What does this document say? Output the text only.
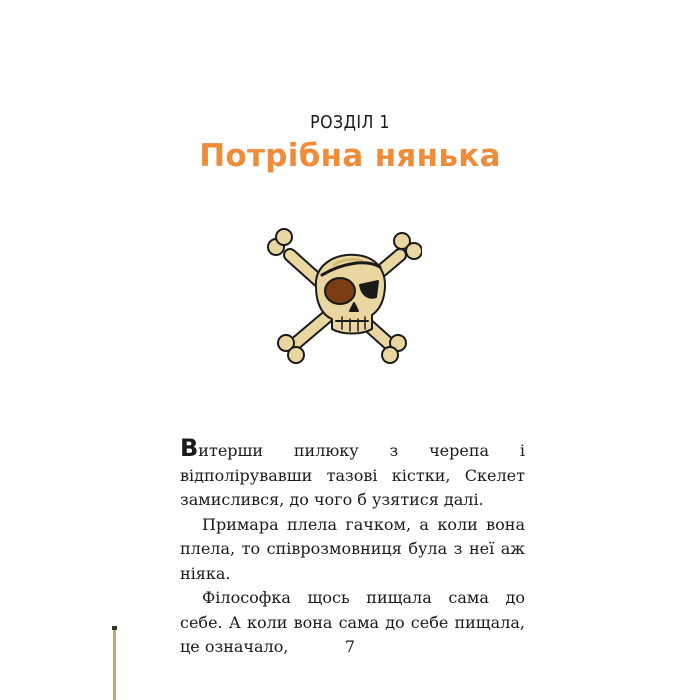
РОЗДІЛ 1
Потрібна нянька

Витерши пилюку з черепа і відполірувавши тазові кістки, Скелет замислився, до чого б узятися далі.

Примара плела гачком, а коли вона плела, то співрозмовниця була з неї аж ніяка.

Філософка щось пищала сама до себе. А коли вона сама до себе пищала, це означало,	7
